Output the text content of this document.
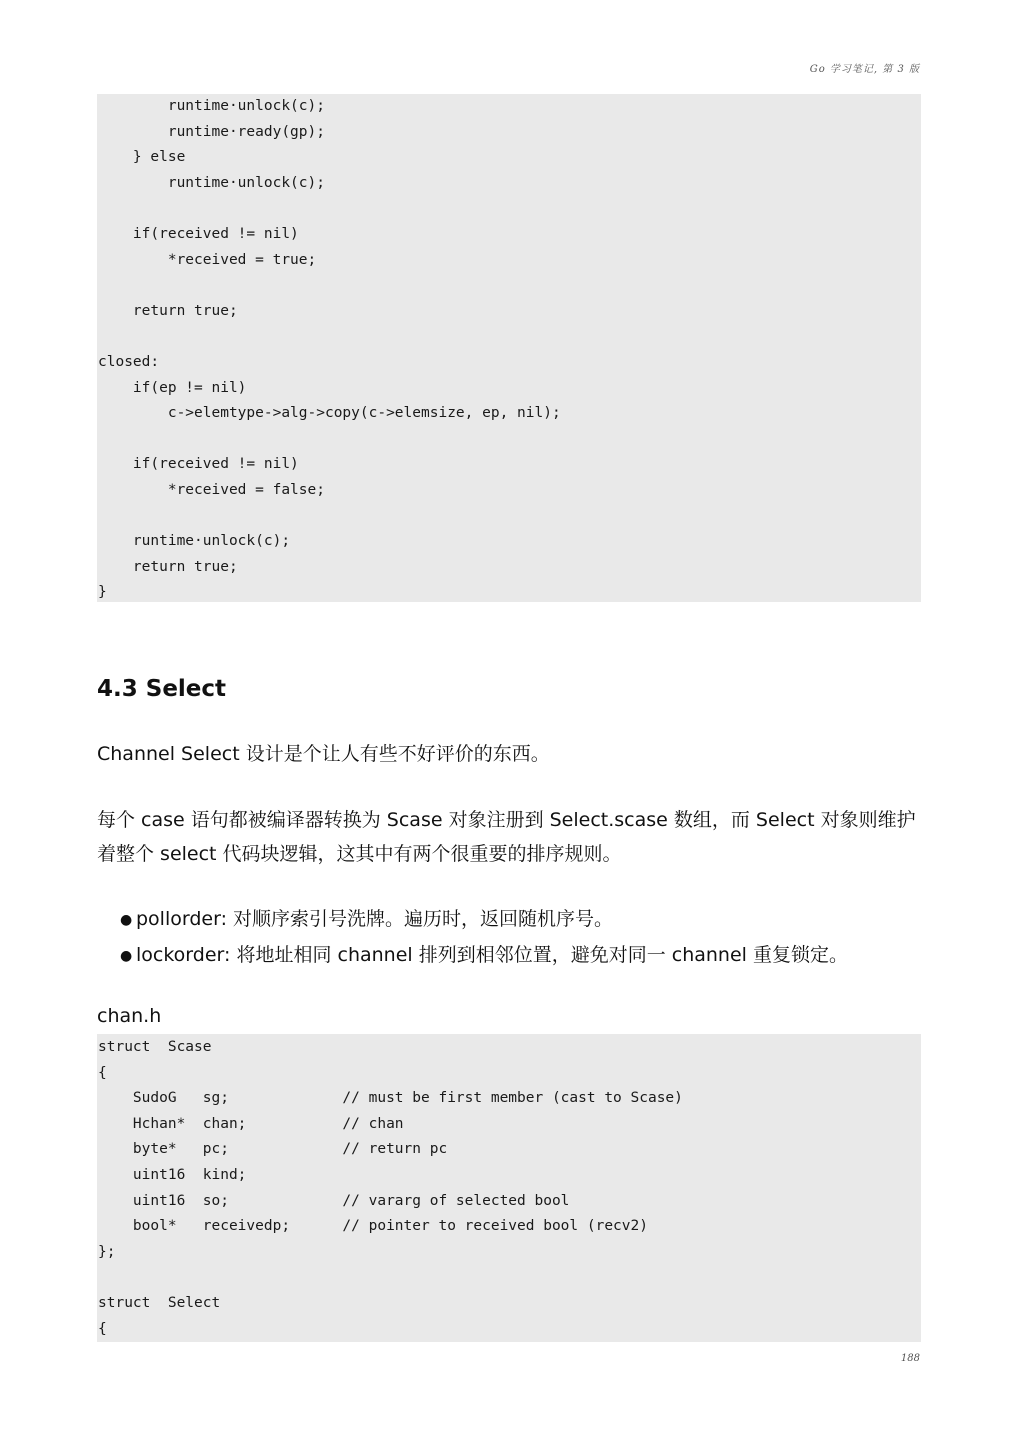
Go 学习笔记, 第 3 版
runtime·unlock(c);
runtime·ready(gp);
} else
runtime·unlock(c);
if(received != nil)
*received = true;
return true;
closed:
if(ep != nil)
c->elemtype->alg->copy(c->elemsize, ep, nil);
if(received != nil)
*received = false;
runtime·unlock(c);
return true;
}
4.3 Select
Channel Select 设计是个让人有些不好评价的东西。
每个 case 语句都被编译器转换为 Scase 对象注册到 Select.scase 数组，而 Select 对象则维护着整个 select 代码块逻辑，这其中有两个很重要的排序规则。
● pollorder: 对顺序索引号洗牌。遍历时，返回随机序号。
● lockorder: 将地址相同 channel 排列到相邻位置，避免对同一 channel 重复锁定。
chan.h
struct  Scase
{
SudoG   sg;             // must be first member (cast to Scase)
Hchan*  chan;           // chan
byte*   pc;             // return pc
uint16  kind;
uint16  so;             // vararg of selected bool
bool*   receivedp;      // pointer to received bool (recv2)
};
struct  Select
{
188
